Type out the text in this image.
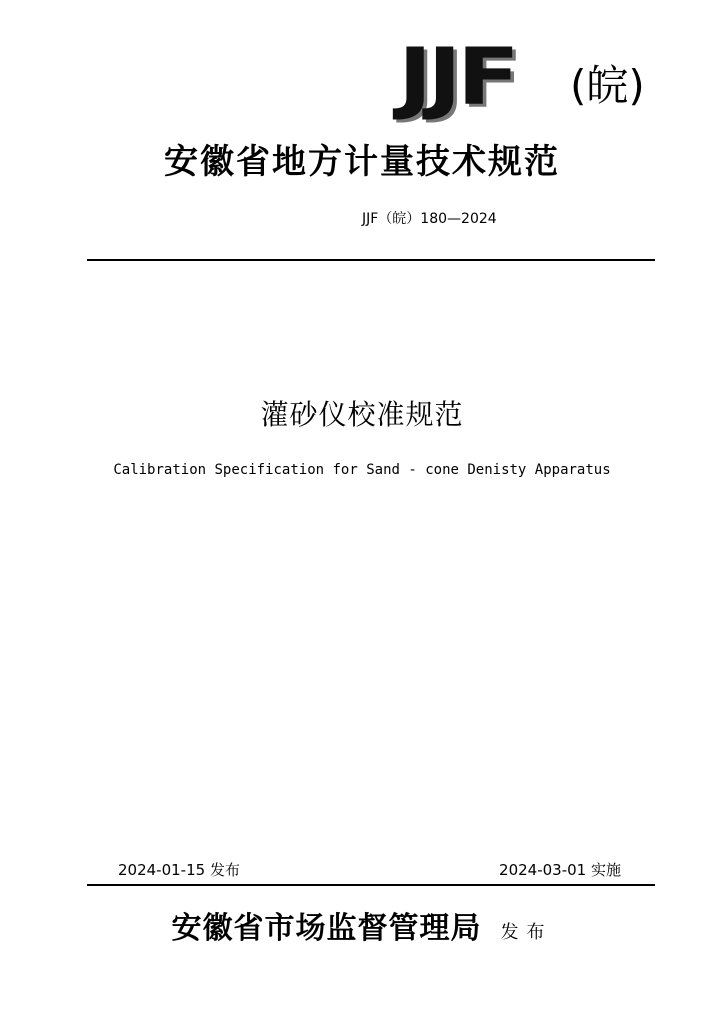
JJF (皖)
安徽省地方计量技术规范
JJF（皖）180—2024
灌砂仪校准规范
Calibration Specification for Sand - cone Denisty Apparatus
2024-01-15 发布	2024-03-01 实施
安徽省市场监督管理局 发布
